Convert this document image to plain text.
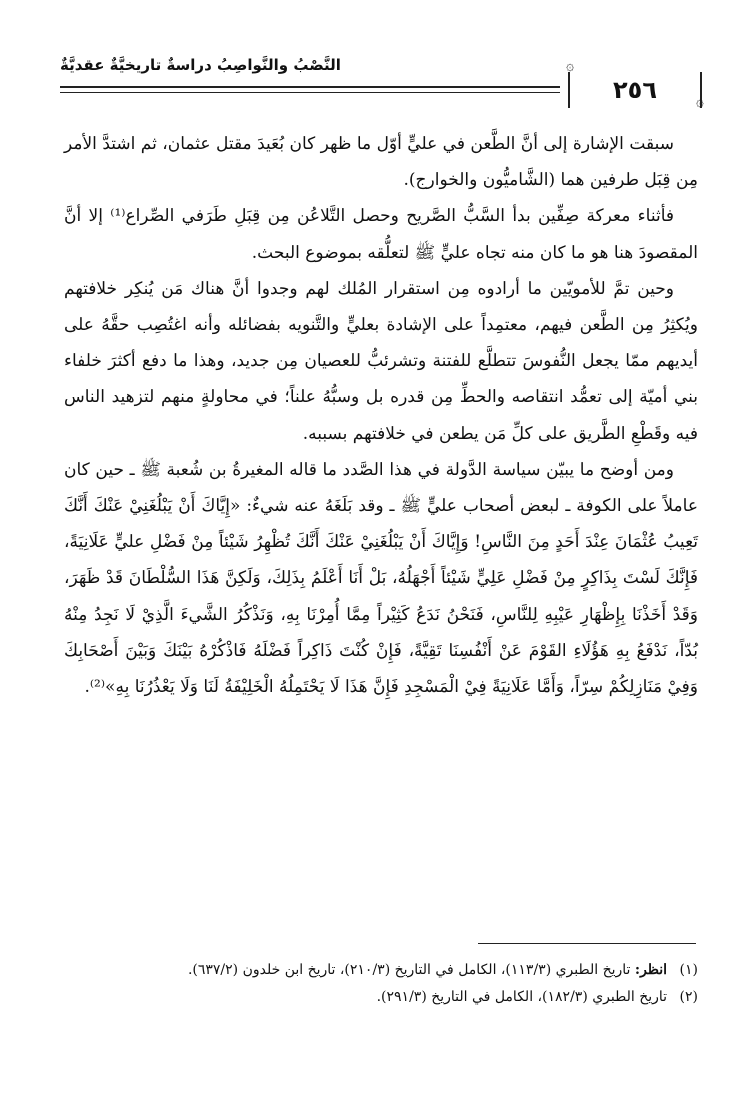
النَّصْبُ والنَّواصِبُ دراسةٌ تاريخيَّةٌ عقديَّةٌ	۞
٢٥٦	۞

سبقت الإشارة إلى أنَّ الطَّعن في عليٍّ أوّل ما ظهر كان بُعَيدَ مقتل عثمان، ثم اشتدَّ الأمر مِن قِبَل طرفين هما (الشَّاميُّون والخوارج).

فأثناء معركة صِفِّين بدأ السَّبُّ الصَّريح وحصل التَّلاعُن مِن قِبَلِ طَرَفي الصِّراع⁽¹⁾ إلا أنَّ المقصودَ هنا هو ما كان منه تجاه عليٍّ ﷺ لتعلُّقه بموضوع البحث.

وحين تمَّ للأمويّين ما أرادوه مِن استقرار المُلك لهم وجدوا أنَّ هناك مَن يُنكِر خلافتهم ويُكثِرُ مِن الطَّعن فيهم، معتمِداً على الإشادة بعليٍّ والتَّنويه بفضائله وأنه اغتُصِب حقَّهُ على أيديهم ممّا يجعل النُّفوسَ تتطلَّع للفتنة وتشرئبُّ للعصيان مِن جديد، وهذا ما دفع أكثرَ خلفاء بني أميّة إلى تعمُّد انتقاصه والحطِّ مِن قدره بل وسبُّهُ علناً؛ في محاولةٍ منهم لتزهيد الناس فيه وقَطْعِ الطَّريق على كلِّ مَن يطعن في خلافتهم بسببه.

ومن أوضح ما يبيّن سياسة الدَّولة في هذا الصَّدد ما قاله المغيرةُ بن شُعبة ﷺ ـ حين كان عاملاً على الكوفة ـ لبعض أصحاب عليٍّ ﷺ ـ وقد بَلَغَهُ عنه شيءٌ: «إِيَّاكَ أَنْ يَبْلُغَنِيْ عَنْكَ أَنَّكَ تَعِيبُ عُثْمَانَ عِنْدَ أَحَدٍ مِنَ النَّاسِ! وَإِيَّاكَ أَنْ يَبْلُغَنِيْ عَنْكَ أَنَّكَ تُظْهِرُ شَيْئاً مِنْ فَضْلِ عليٍّ عَلَانِيَةً، فَإِنَّكَ لَسْتَ بِذَاكِرٍ مِنْ فَضْلِ عَلِيٍّ شَيْئاً أَجْهَلُهُ، بَلْ أَنَا أَعْلَمُ بِذَلِكَ، وَلَكِنَّ هَذَا السُّلْطَانَ قَدْ ظَهَرَ، وَقَدْ أَخَذْنَا بِإِظْهَارِ عَيْبِهِ لِلنَّاسِ، فَنَحْنُ نَدَعُ كَثِيْراً مِمَّا أُمِرْنَا بِهِ، وَنَذْكُرُ الشَّيءَ الَّذِيْ لَا نَجِدُ مِنْهُ بُدّاً، نَدْفَعُ بِهِ هَؤُلَاءِ القَوْمَ عَنْ أَنْفُسِنَا تَقِيَّةً، فَإِنْ كُنْتَ ذَاكِراً فَضْلَهُ فَاذْكُرْهُ بَيْنَكَ وَبَيْنَ أَصْحَابِكَ وَفِيْ مَنَازِلِكُمْ سِرّاً، وَأَمَّا عَلَانِيَةً فِيْ الْمَسْجِدِ فَإِنَّ هَذَا لَا يَحْتَمِلُهُ الْخَلِيْفَةُ لَنَا وَلَا يَعْذُرُنَا بِهِ»⁽²⁾.

(١) انظر: تاريخ الطبري (١١٣/٣)، الكامل في التاريخ (٢١٠/٣)، تاريخ ابن خلدون (٦٣٧/٢).
(٢) تاريخ الطبري (١٨٢/٣)، الكامل في التاريخ (٢٩١/٣).
